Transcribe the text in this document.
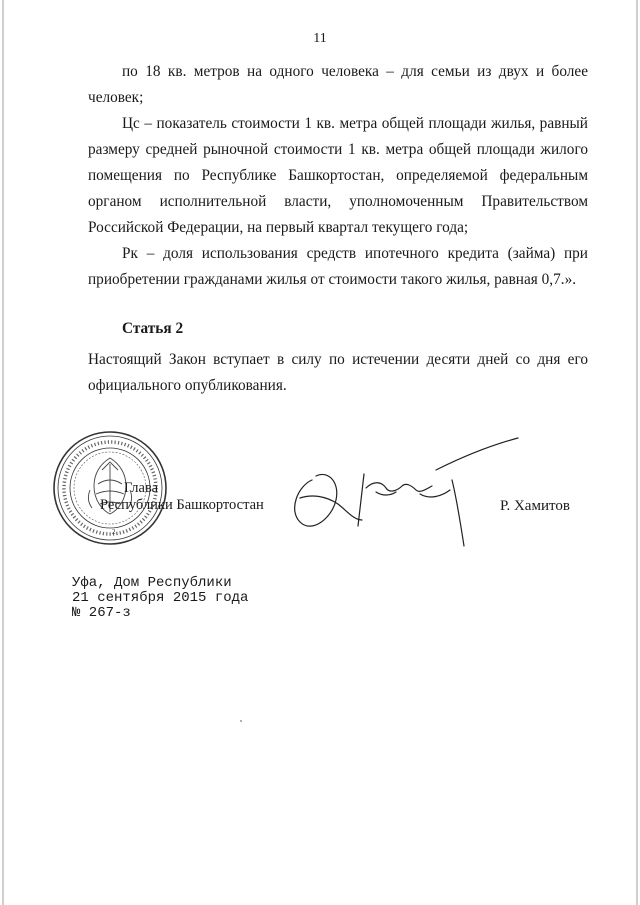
11

по 18 кв. метров на одного человека – для семьи из двух и более человек;

Цс – показатель стоимости 1 кв. метра общей площади жилья, равный размеру средней рыночной стоимости 1 кв. метра общей площади жилого помещения по Республике Башкортостан, определяемой федеральным органом исполнительной власти, уполномоченным Правительством Российской Федерации, на первый квартал текущего года;

Рк – доля использования средств ипотечного кредита (займа) при приобретении гражданами жилья от стоимости такого жилья, равная 0,7.».

Статья 2

Настоящий Закон вступает в силу по истечении десяти дней со дня его официального опубликования.

2
Глава
Республики Башкортостан	Р. Хамитов
Уфа, Дом Республики
21 сентября 2015 года
№ 267-з
